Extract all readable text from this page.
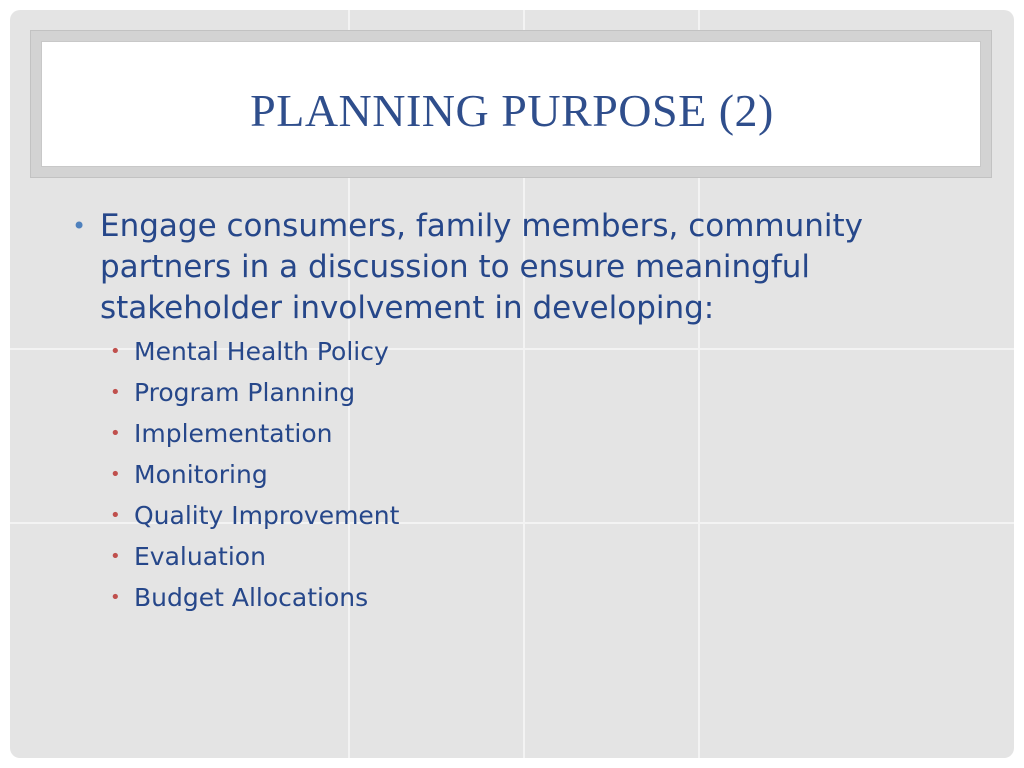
PLANNING PURPOSE (2)
• Engage consumers, family members, community partners in a discussion to ensure meaningful stakeholder involvement in developing:
• Mental Health Policy
• Program Planning
• Implementation
• Monitoring
• Quality Improvement
• Evaluation
• Budget Allocations
